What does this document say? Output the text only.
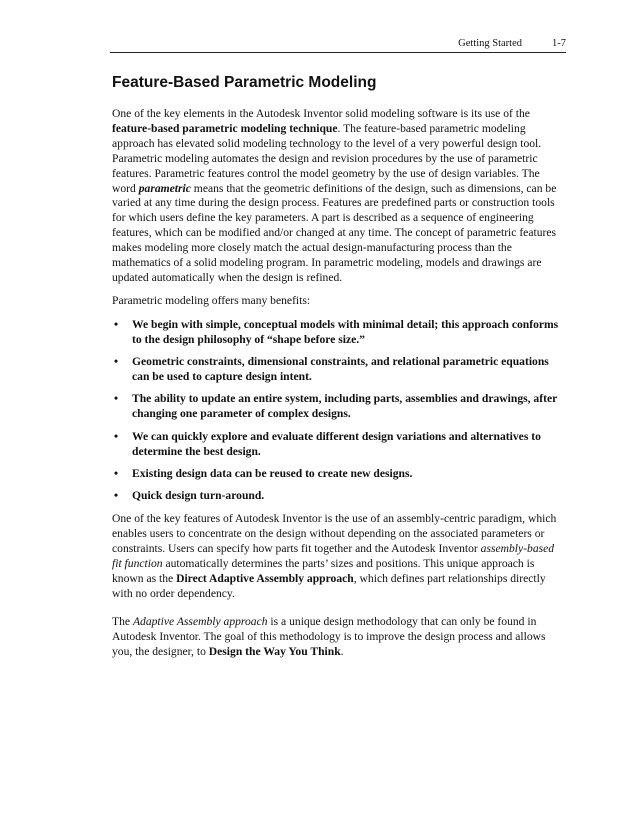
Getting Started	1-7
Feature-Based Parametric Modeling

One of the key elements in the Autodesk Inventor solid modeling software is its use of the feature-based parametric modeling technique. The feature-based parametric modeling approach has elevated solid modeling technology to the level of a very powerful design tool. Parametric modeling automates the design and revision procedures by the use of parametric features. Parametric features control the model geometry by the use of design variables. The word parametric means that the geometric definitions of the design, such as dimensions, can be varied at any time during the design process. Features are predefined parts or construction tools for which users define the key parameters. A part is described as a sequence of engineering features, which can be modified and/or changed at any time. The concept of parametric features makes modeling more closely match the actual design-manufacturing process than the mathematics of a solid modeling program. In parametric modeling, models and drawings are updated automatically when the design is refined.

Parametric modeling offers many benefits:

• We begin with simple, conceptual models with minimal detail; this approach conforms to the design philosophy of “shape before size.”
• Geometric constraints, dimensional constraints, and relational parametric equations can be used to capture design intent.
• The ability to update an entire system, including parts, assemblies and drawings, after changing one parameter of complex designs.
• We can quickly explore and evaluate different design variations and alternatives to determine the best design.
• Existing design data can be reused to create new designs.
• Quick design turn-around.

One of the key features of Autodesk Inventor is the use of an assembly-centric paradigm, which enables users to concentrate on the design without depending on the associated parameters or constraints. Users can specify how parts fit together and the Autodesk Inventor assembly-based fit function automatically determines the parts’ sizes and positions. This unique approach is known as the Direct Adaptive Assembly approach, which defines part relationships directly with no order dependency.

The Adaptive Assembly approach is a unique design methodology that can only be found in Autodesk Inventor. The goal of this methodology is to improve the design process and allows you, the designer, to Design the Way You Think.
